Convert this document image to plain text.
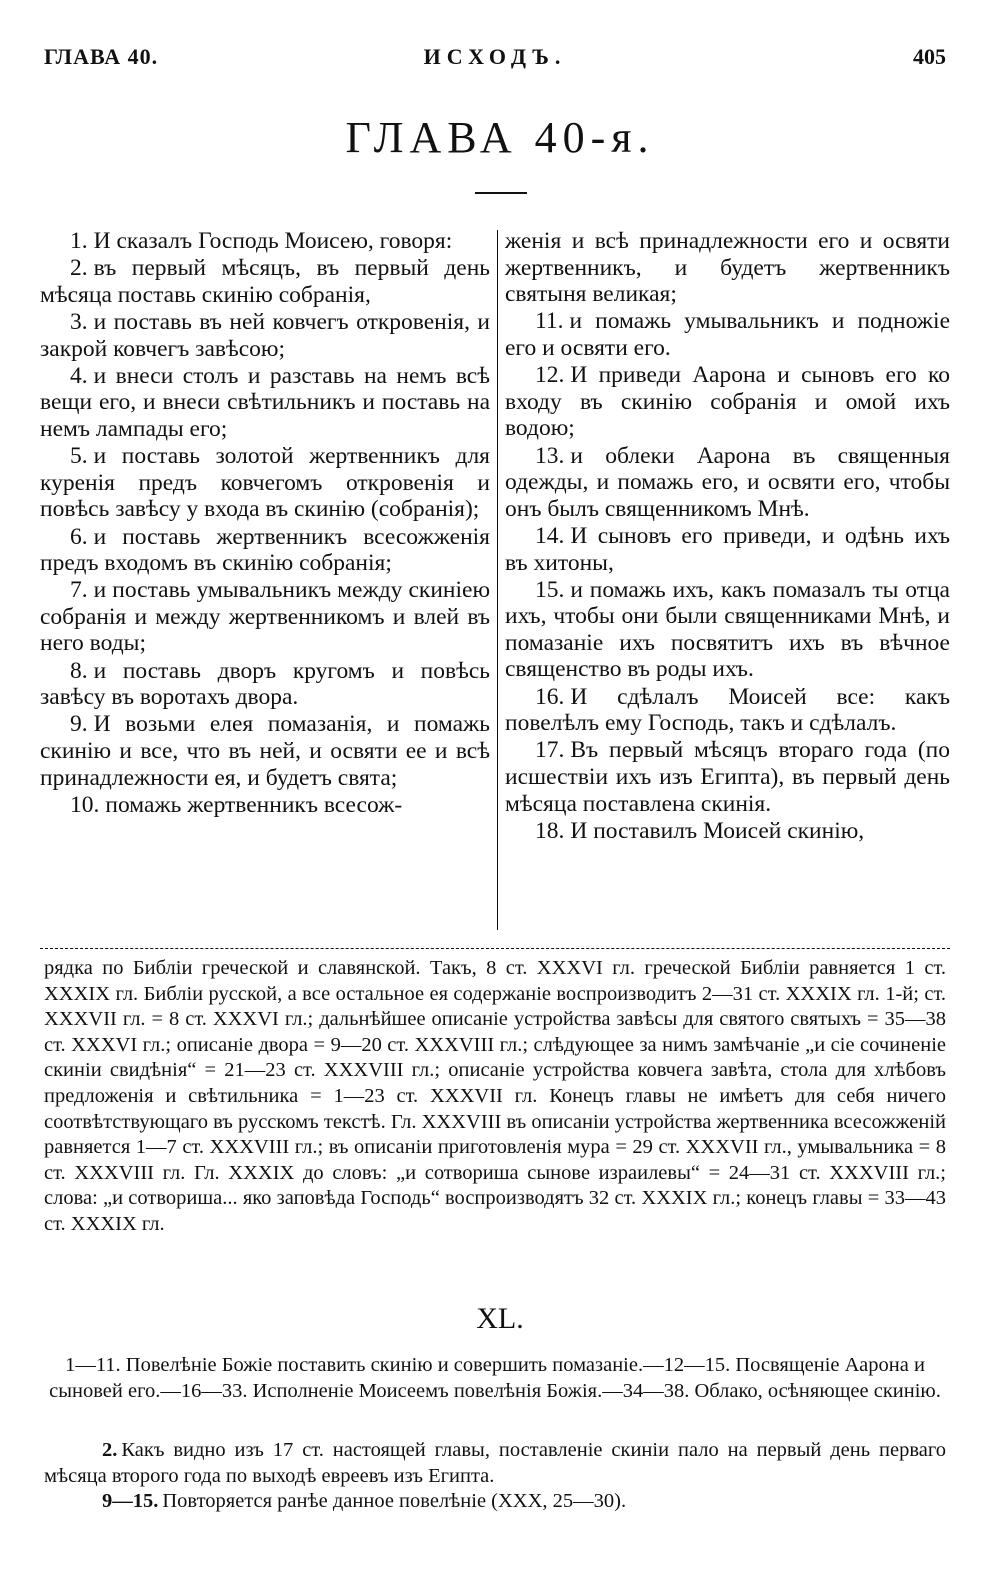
ГЛАВА 40.	ИСХОДЪ.	405
ГЛАВА 40-я.

1. И сказалъ Господь Моисею, говоря:

2. въ первый мѣсяцъ, въ первый день мѣсяца поставь скинію собранія,

3. и поставь въ ней ковчегъ откровенія, и закрой ковчегъ завѣсою;

4. и внеси столъ и разставь на немъ всѣ вещи его, и внеси свѣтильникъ и поставь на немъ лампады его;

5. и поставь золотой жертвенникъ для куренія предъ ковчегомъ откровенія и повѣсь завѣсу у входа въ скинію (собранія);

6. и поставь жертвенникъ всесожженія предъ входомъ въ скинію собранія;

7. и поставь умывальникъ между скиніею собранія и между жертвенникомъ и влей въ него воды;

8. и поставь дворъ кругомъ и повѣсь завѣсу въ воротахъ двора.

9. И возьми елея помазанія, и помажь скинію и все, что въ ней, и освяти ее и всѣ принадлежности ея, и будетъ свята;

10. помажь жертвенникъ всесож-

женія и всѣ принадлежности его и освяти жертвенникъ, и будетъ жертвенникъ святыня великая;

11. и помажь умывальникъ и подножіе его и освяти его.

12. И приведи Аарона и сыновъ его ко входу въ скинію собранія и омой ихъ водою;

13. и облеки Аарона въ священныя одежды, и помажь его, и освяти его, чтобы онъ былъ священникомъ Мнѣ.

14. И сыновъ его приведи, и одѣнь ихъ въ хитоны,

15. и помажь ихъ, какъ помазалъ ты отца ихъ, чтобы они были священниками Мнѣ, и помазаніе ихъ посвятитъ ихъ въ вѣчное священство въ роды ихъ.

16. И сдѣлалъ Моисей все: какъ повелѣлъ ему Господь, такъ и сдѣлалъ.

17. Въ первый мѣсяцъ втораго года (по исшествіи ихъ изъ Египта), въ первый день мѣсяца поставлена скинія.

18. И поставилъ Моисей скинію,

рядка по Библіи греческой и славянской. Такъ, 8 ст. XXXVI гл. греческой Библіи равняется 1 ст. XXXIX гл. Библіи русской, а все остальное ея содержаніе воспроизводитъ 2—31 ст. XXXIX гл. 1-й; ст. XXXVII гл. = 8 ст. XXXVI гл.; дальнѣйшее описаніе устройства завѣсы для святого святыхъ = 35—38 ст. XXXVI гл.; описаніе двора = 9—20 ст. XXXVIII гл.; слѣдующее за нимъ замѣчаніе „и сіе сочиненіе скиніи свидѣнія“ = 21—23 ст. XXXVIII гл.; описаніе устройства ковчега завѣта, стола для хлѣбовъ предложенія и свѣтильника = 1—23 ст. XXXVII гл. Конецъ главы не имѣетъ для себя ничего соотвѣтствующаго въ русскомъ текстѣ. Гл. XXXVIII въ описаніи устройства жертвенника всесожженій равняется 1—7 ст. XXXVIII гл.; въ описаніи приготовленія мура = 29 ст. XXXVII гл., умывальника = 8 ст. XXXVIII гл. Гл. XXXIX до словъ: „и сотвориша сынове израилевы“ = 24—31 ст. XXXVIII гл.; слова: „и сотвориша... яко заповѣда Господь“ воспроизводятъ 32 ст. XXXIX гл.; конецъ главы = 33—43 ст. XXXIX гл.
XL.
1—11. Повелѣніе Божіе поставить скинію и совершить помазаніе.—12—15. Посвященіе Аарона и сыновей его.—16—33. Исполненіе Моисеемъ повелѣнія Божія.—34—38. Облако, осѣняющее скинію.

2. Какъ видно изъ 17 ст. настоящей главы, поставленіе скиніи пало на первый день перваго мѣсяца второго года по выходѣ евреевъ изъ Египта.

9—15. Повторяется ранѣе данное повелѣніе (XXX, 25—30).
